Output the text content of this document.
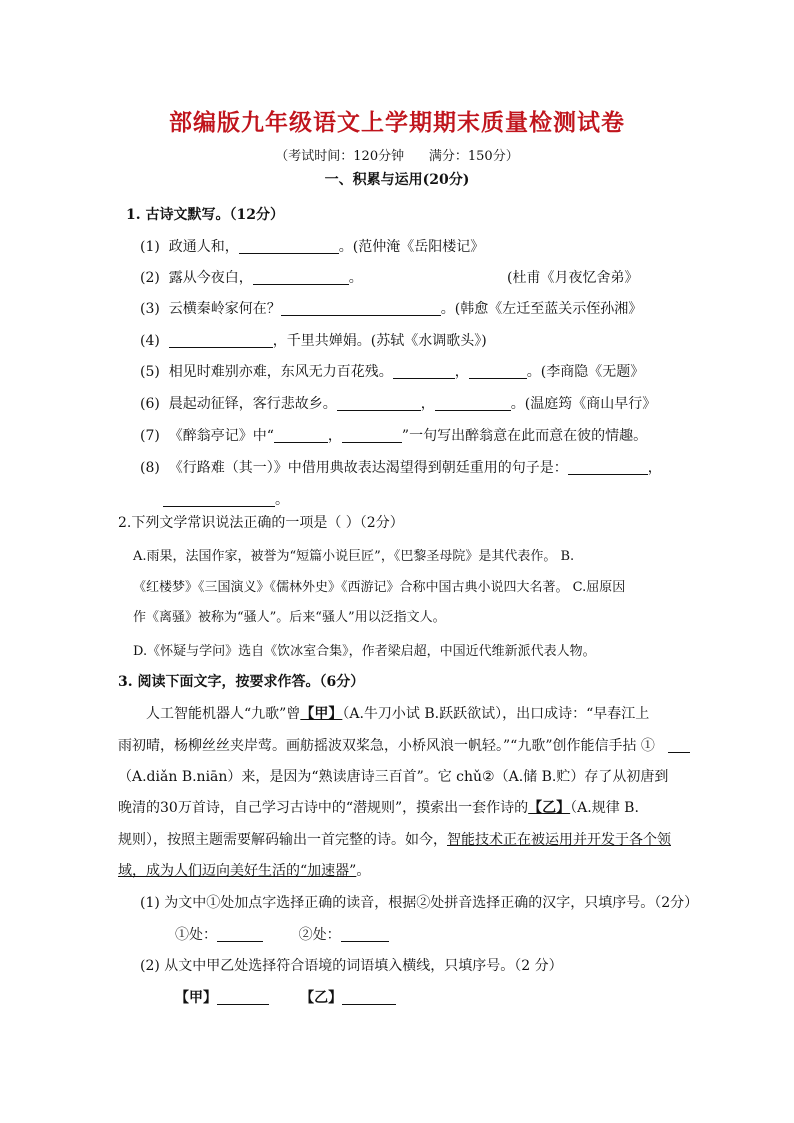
部编版九年级语文上学期期末质量检测试卷
（考试时间：120分钟      满分：150分）
一、积累与运用(20分)
1. 古诗文默写。（12分）
(1) 政通人和，	。(范仲淹《岳阳楼记》
(2) 露从今夜白，	。	(杜甫《月夜忆舍弟》
(3) 云横秦岭家何在？	。(韩愈《左迁至蓝关示侄孙湘》
(4)	，千里共婵娟。(苏轼《水调歌头》)
(5) 相见时难别亦难，东风无力百花残。	，	。(李商隐《无题》
(6) 晨起动征铎，客行悲故乡。	，	。(温庭筠《商山早行》
(7) 《醉翁亭记》中“	，	”一句写出醉翁意在此而意在彼的情趣。
(8) 《行路难（其一）》中借用典故表达渴望得到朝廷重用的句子是：	，
。
2.下列文学常识说法正确的一项是（ ）（2分）
A.雨果，法国作家，被誉为“短篇小说巨匠”，《巴黎圣母院》是其代表作。 B.
《红楼梦》《三国演义》《儒林外史》《西游记》合称中国古典小说四大名著。 C.屈原因
作《离骚》被称为“骚人”。后来“骚人”用以泛指文人。
D.《怀疑与学问》选自《饮冰室合集》，作者梁启超，中国近代维新派代表人物。
3. 阅读下面文字，按要求作答。（6分）
人工智能机器人“九歌”曾【甲】（A.牛刀小试 B.跃跃欲试），出口成诗：“早春江上
雨初晴，杨柳丝丝夹岸莺。画舫摇波双桨急，小桥风浪一帆轻。”“九歌”创作能信手拈 ①
（A.diǎn B.niān）来，是因为“熟读唐诗三百首”。它 chǔ②（A.储 B.贮）存了从初唐到
晚清的30万首诗，自己学习古诗中的“潜规则”，摸索出一套作诗的【乙】（A.规律 B.
规则），按照主题需要解码输出一首完整的诗。如今，智能技术正在被运用并开发于各个领
域，成为人们迈向美好生活的“加速器”。
(1) 为文中①处加点字选择正确的读音，根据②处拼音选择正确的汉字，只填序号。（2分）
①处：	②处：
(2) 从文中甲乙处选择符合语境的词语填入横线，只填序号。（2 分）
【甲】	【乙】
